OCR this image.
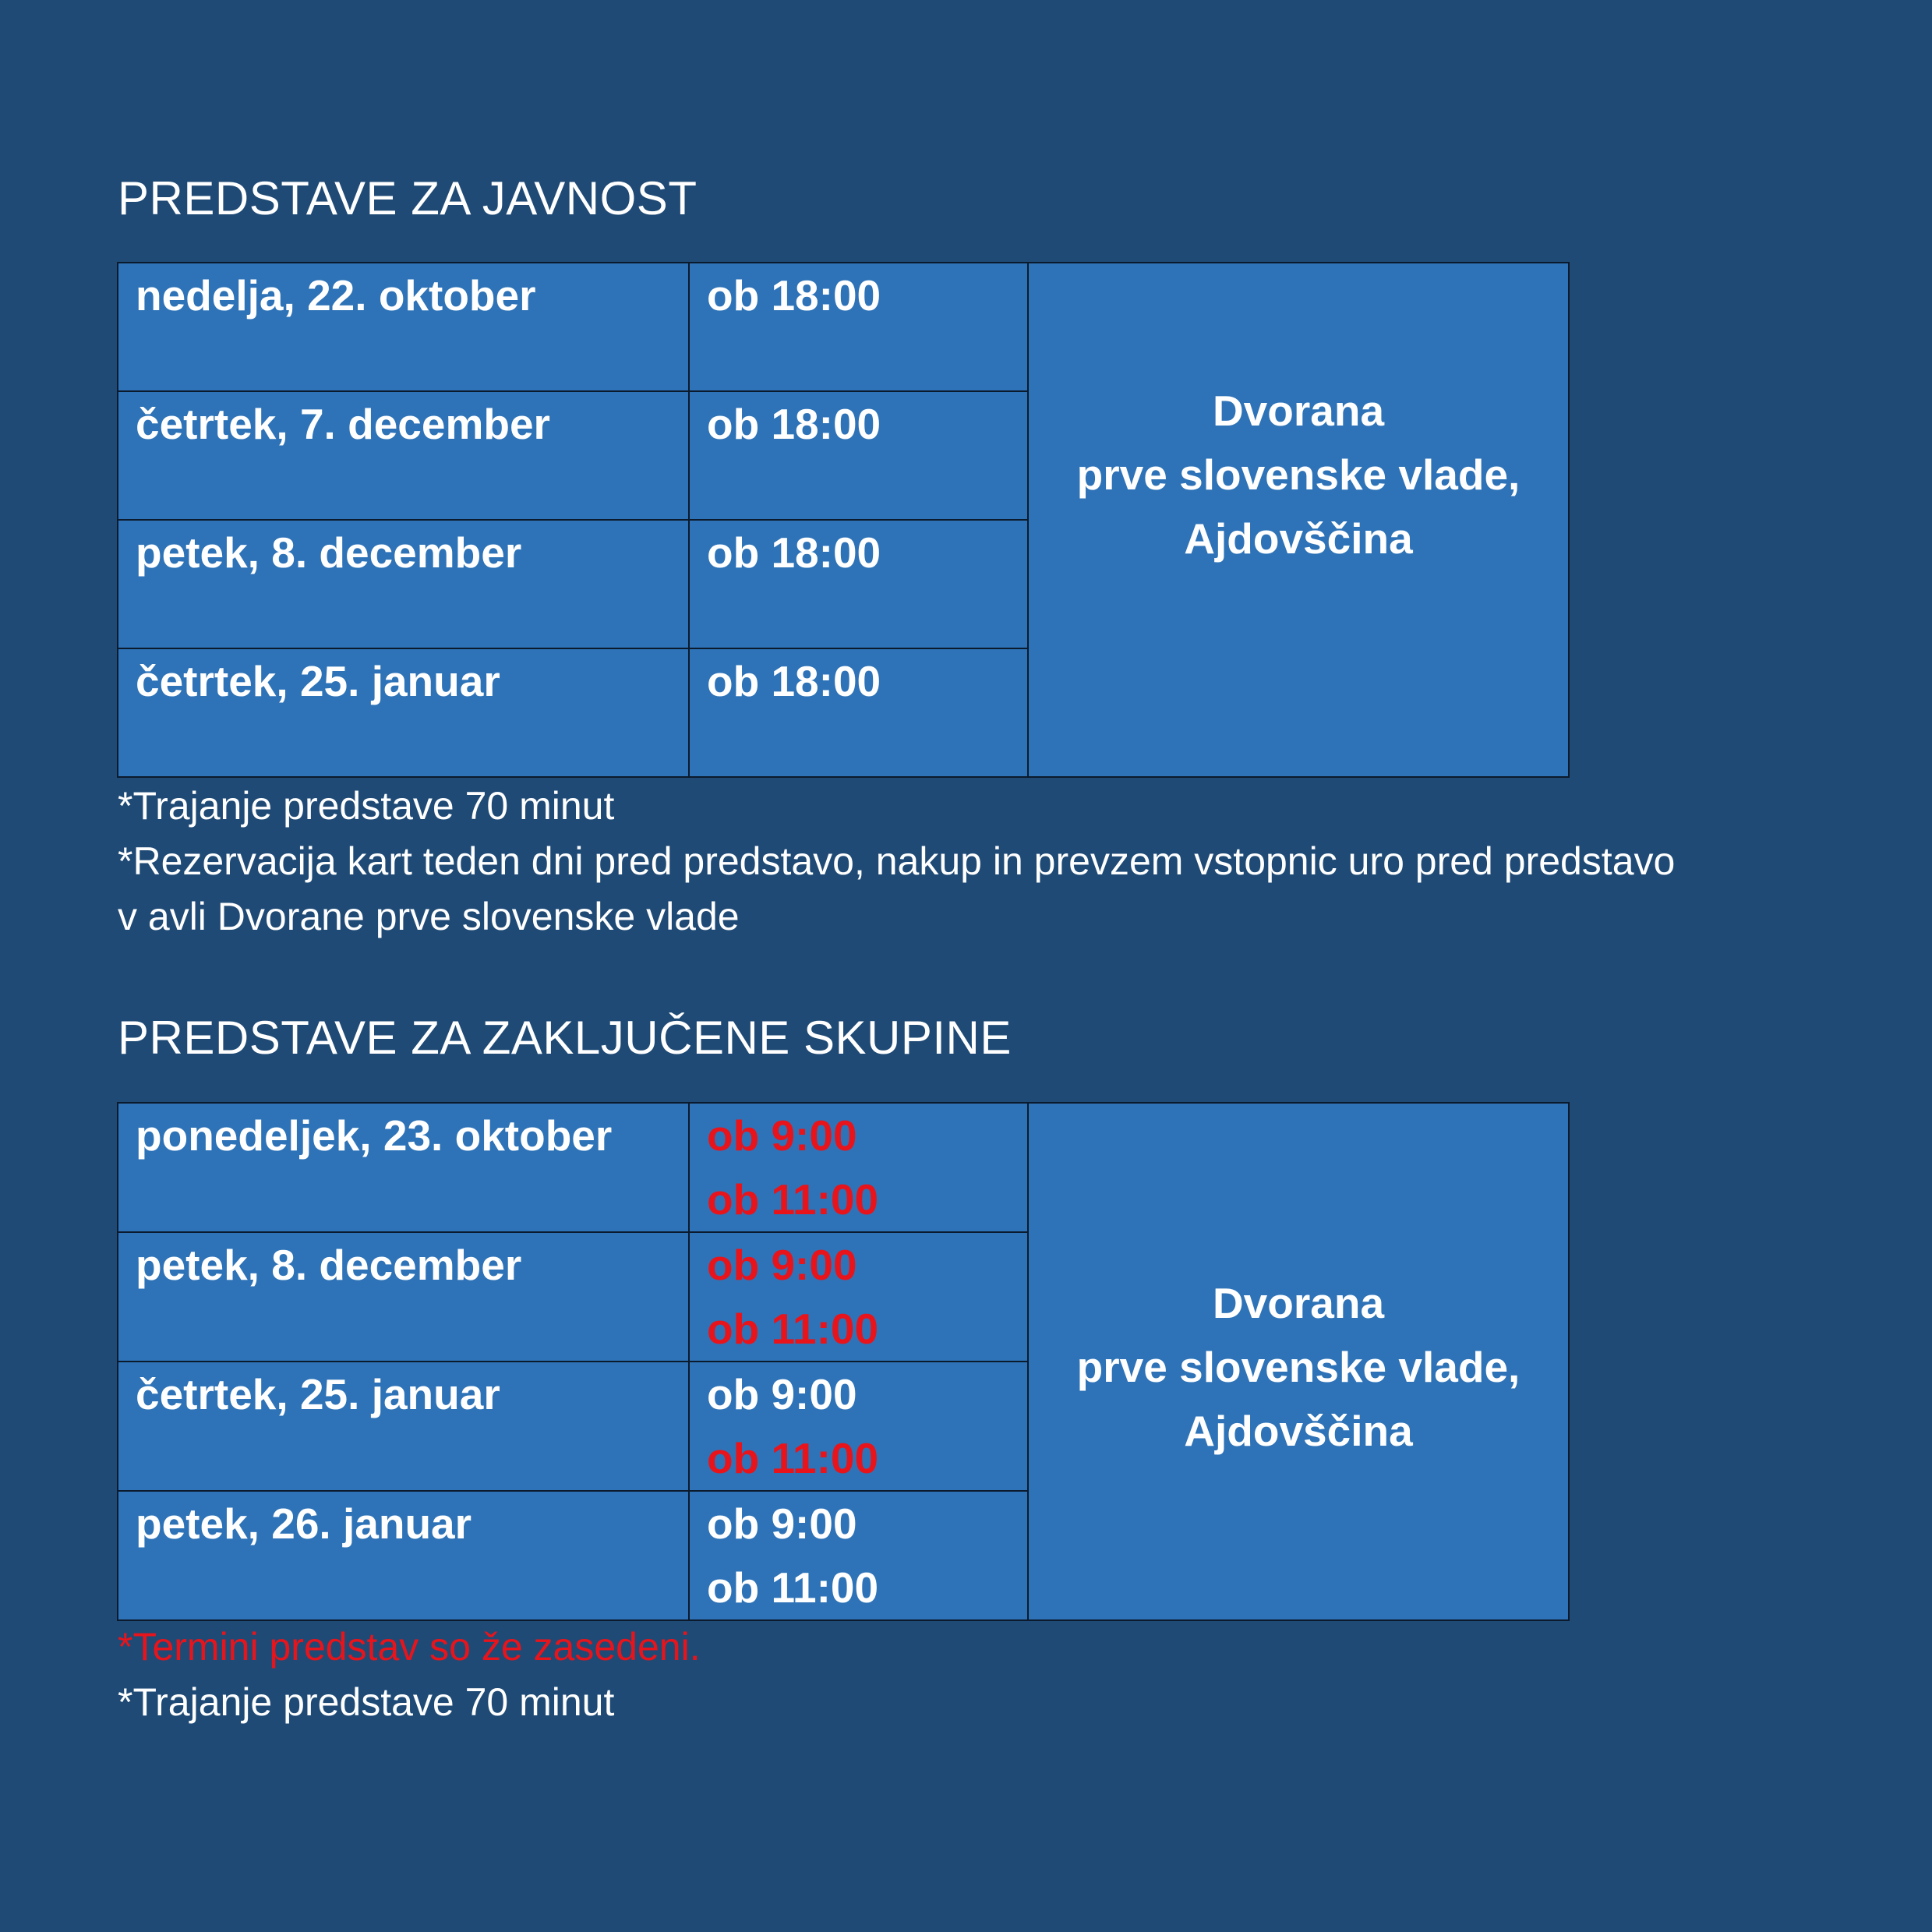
PREDSTAVE ZA JAVNOST
nedelja, 22. oktober	ob 18:00	Dvorana
prve slovenske vlade,
Ajdovščina

četrtek, 7. december	ob 18:00	
petek, 8. december	ob 18:00	
četrtek, 25. januar	ob 18:00	

*Trajanje predstave 70 minut

*Rezervacija kart teden dni pred predstavo, nakup in prevzem vstopnic uro pred predstavo

v avli Dvorane prve slovenske vlade

PREDSTAVE ZA ZAKLJUČENE SKUPINE
ponedeljek, 23. oktober	ob 9:00
ob 11:00	Dvorana
prve slovenske vlade,
Ajdovščina

petek, 8. december	ob 9:00
ob 11:00	

četrtek, 25. januar	ob 9:00
ob 11:00	

petek, 26. januar	ob 9:00
ob 11:00	

*Termini predstav so že zasedeni.

*Trajanje predstave 70 minut
